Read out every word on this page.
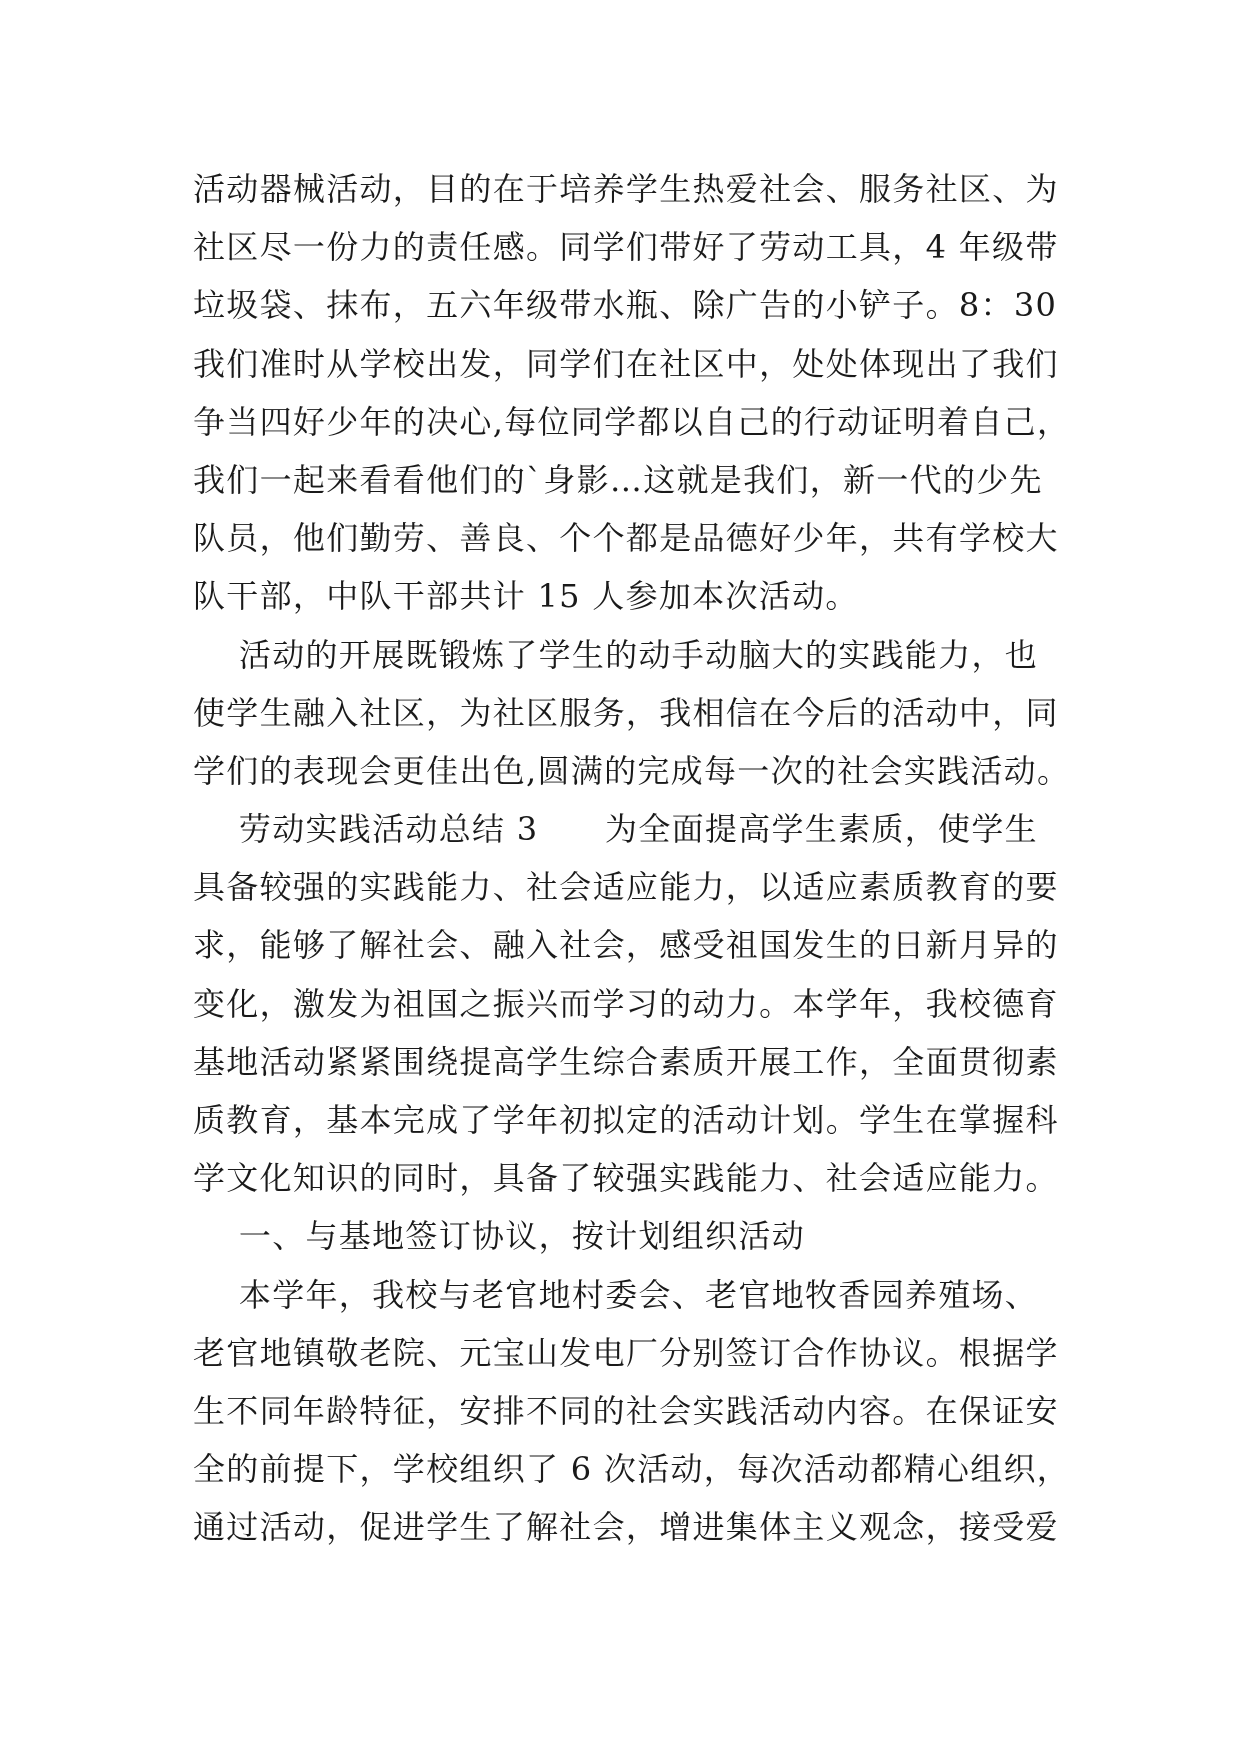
活动器械活动，目的在于培养学生热爱社会、服务社区、为
社区尽一份力的责任感。同学们带好了劳动工具，4 年级带
垃圾袋、抹布，五六年级带水瓶、除广告的小铲子。8：30
我们准时从学校出发，同学们在社区中，处处体现出了我们
争当四好少年的决心,每位同学都以自己的行动证明着自己，
我们一起来看看他们的`身影…这就是我们，新一代的少先
队员，他们勤劳、善良、个个都是品德好少年，共有学校大
队干部，中队干部共计 15 人参加本次活动。
活动的开展既锻炼了学生的动手动脑大的实践能力，也
使学生融入社区，为社区服务，我相信在今后的活动中，同
学们的表现会更佳出色,圆满的完成每一次的社会实践活动。
劳动实践活动总结 3　　为全面提高学生素质，使学生
具备较强的实践能力、社会适应能力，以适应素质教育的要
求，能够了解社会、融入社会，感受祖国发生的日新月异的
变化，激发为祖国之振兴而学习的动力。本学年，我校德育
基地活动紧紧围绕提高学生综合素质开展工作，全面贯彻素
质教育，基本完成了学年初拟定的活动计划。学生在掌握科
学文化知识的同时，具备了较强实践能力、社会适应能力。
一、与基地签订协议，按计划组织活动
本学年，我校与老官地村委会、老官地牧香园养殖场、
老官地镇敬老院、元宝山发电厂分别签订合作协议。根据学
生不同年龄特征，安排不同的社会实践活动内容。在保证安
全的前提下，学校组织了 6 次活动，每次活动都精心组织，
通过活动，促进学生了解社会，增进集体主义观念，接受爱
